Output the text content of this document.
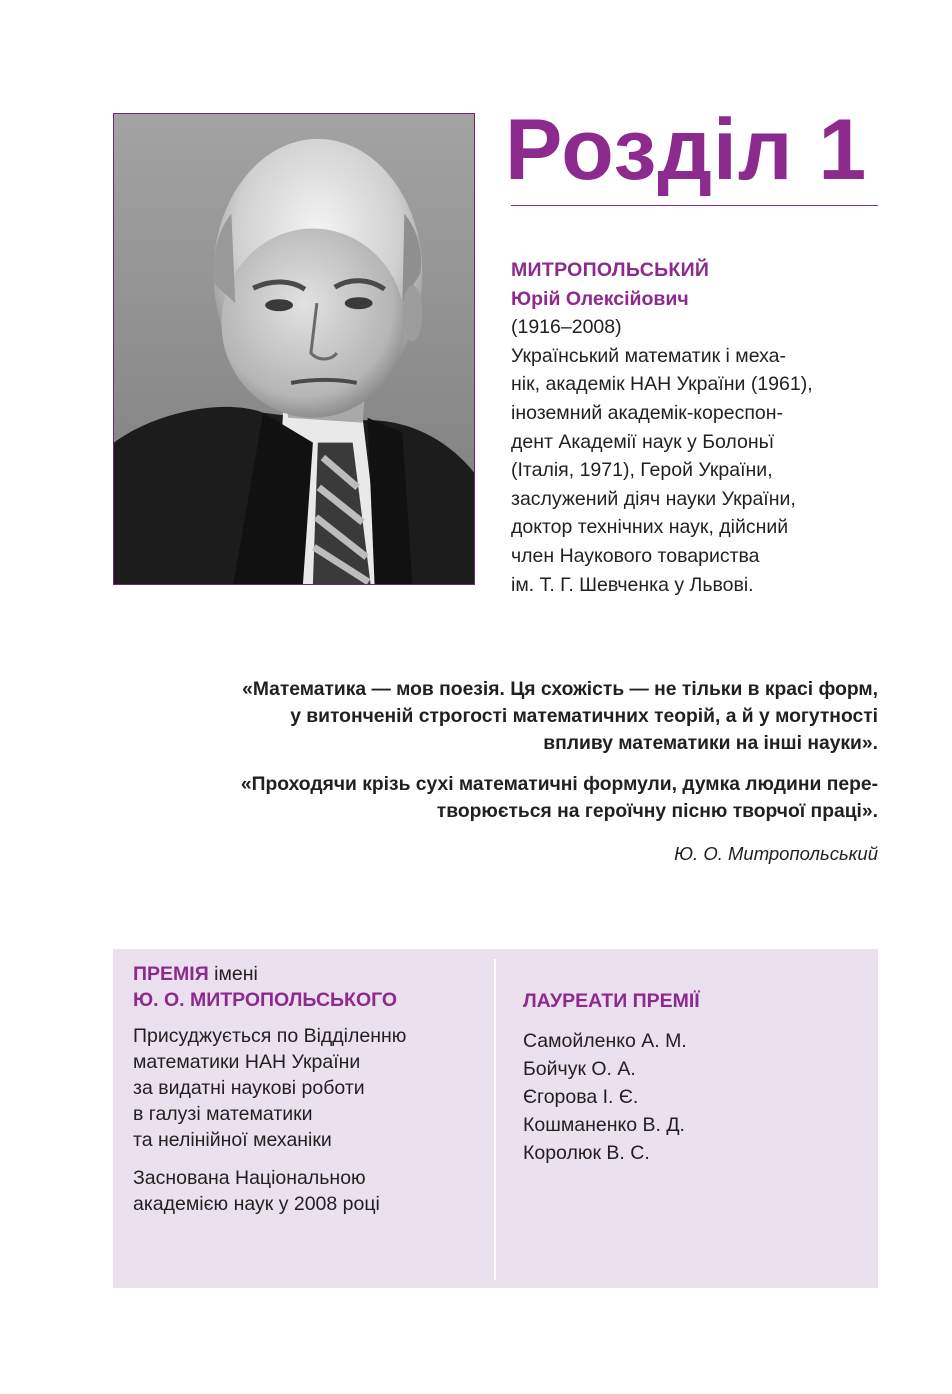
Розділ 1
МИТРОПОЛЬСЬКИЙ
Юрій Олексійович
(1916–2008)
Український математик і меха-
нік, академік НАН України (1961),
іноземний академік-кореспон-
дент Академії наук у Болоньї
(Італія, 1971), Герой України,
заслужений діяч науки України,
доктор технічних наук, дійсний
член Наукового товариства
ім. Т. Г. Шевченка у Львові.
«Математика — мов поезія. Ця схожість — не тільки в красі форм,
у витонченій строгості математичних теорій, а й у могутності
впливу математики на інші науки».
«Проходячи крізь сухі математичні формули, думка людини пере-
творюється на героїчну пісню творчої праці».
Ю. О. Митропольський
ПРЕМІЯ імені
Ю. О. МИТРОПОЛЬСЬКОГО
Присуджується по Відділенню
математики НАН України
за видатні наукові роботи
в галузі математики
та нелінійної механіки
Заснована Національною
академією наук у 2008 році
ЛАУРЕАТИ ПРЕМІЇ
Самойленко А. М.
Бойчук О. А.
Єгорова І. Є.
Кошманенко В. Д.
Королюк В. С.
